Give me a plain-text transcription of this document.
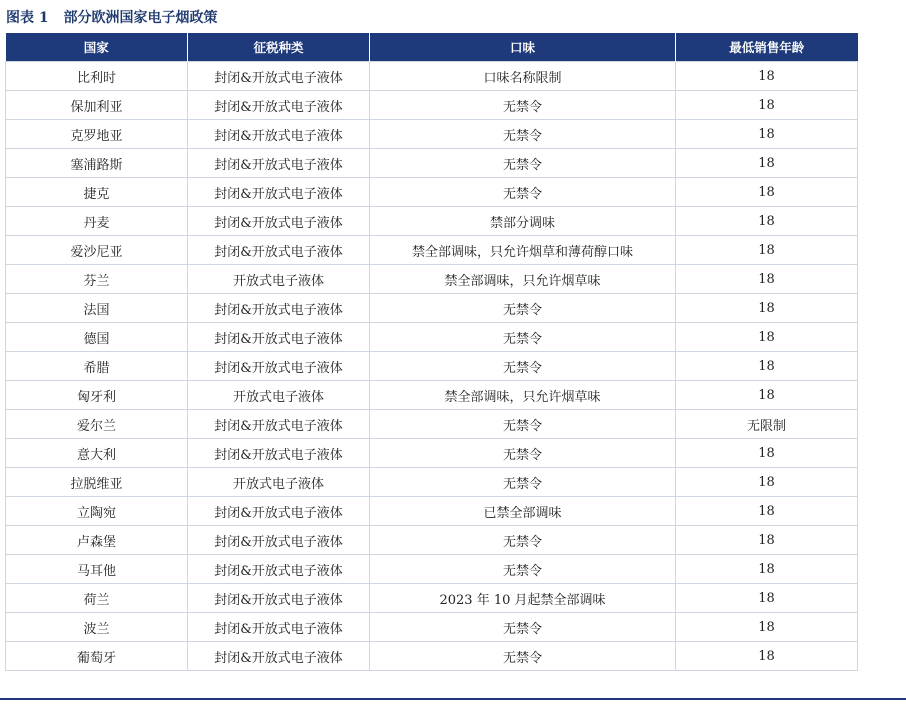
图表 1 部分欧洲国家电子烟政策
国家	征税种类	口味	最低销售年龄
比利时	封闭&开放式电子液体	口味名称限制	18
保加利亚	封闭&开放式电子液体	无禁令	18
克罗地亚	封闭&开放式电子液体	无禁令	18
塞浦路斯	封闭&开放式电子液体	无禁令	18
捷克	封闭&开放式电子液体	无禁令	18
丹麦	封闭&开放式电子液体	禁部分调味	18
爱沙尼亚	封闭&开放式电子液体	禁全部调味，只允许烟草和薄荷醇口味	18
芬兰	开放式电子液体	禁全部调味，只允许烟草味	18
法国	封闭&开放式电子液体	无禁令	18
德国	封闭&开放式电子液体	无禁令	18
希腊	封闭&开放式电子液体	无禁令	18
匈牙利	开放式电子液体	禁全部调味，只允许烟草味	18
爱尔兰	封闭&开放式电子液体	无禁令	无限制
意大利	封闭&开放式电子液体	无禁令	18
拉脱维亚	开放式电子液体	无禁令	18
立陶宛	封闭&开放式电子液体	已禁全部调味	18
卢森堡	封闭&开放式电子液体	无禁令	18
马耳他	封闭&开放式电子液体	无禁令	18
荷兰	封闭&开放式电子液体	2023 年 10 月起禁全部调味	18
波兰	封闭&开放式电子液体	无禁令	18
葡萄牙	封闭&开放式电子液体	无禁令	18
